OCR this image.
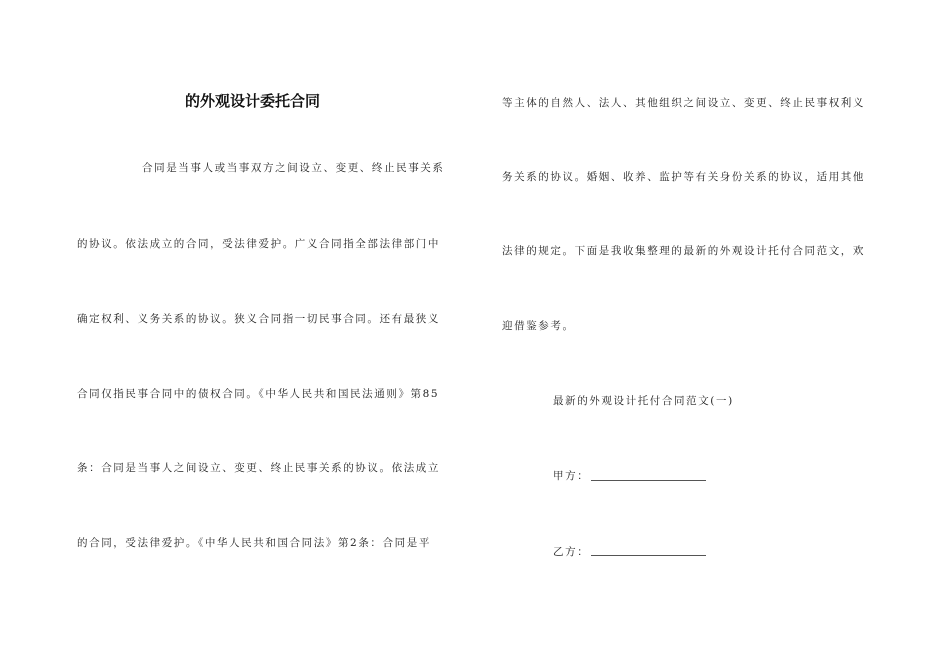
的外观设计委托合同
合同是当事人或当事双方之间设立、变更、终止民事关系
的协议。依法成立的合同，受法律爱护。广义合同指全部法律部门中
确定权利、义务关系的协议。狭义合同指一切民事合同。还有最狭义
合同仅指民事合同中的债权合同。《中华人民共和国民法通则》第85
条：合同是当事人之间设立、变更、终止民事关系的协议。依法成立
的合同，受法律爱护。《中华人民共和国合同法》第2条：合同是平
等主体的自然人、法人、其他组织之间设立、变更、终止民事权利义
务关系的协议。婚姻、收养、监护等有关身份关系的协议，适用其他
法律的规定。下面是我收集整理的最新的外观设计托付合同范文，欢
迎借鉴参考。
最新的外观设计托付合同范文(一)
甲方：
乙方：
